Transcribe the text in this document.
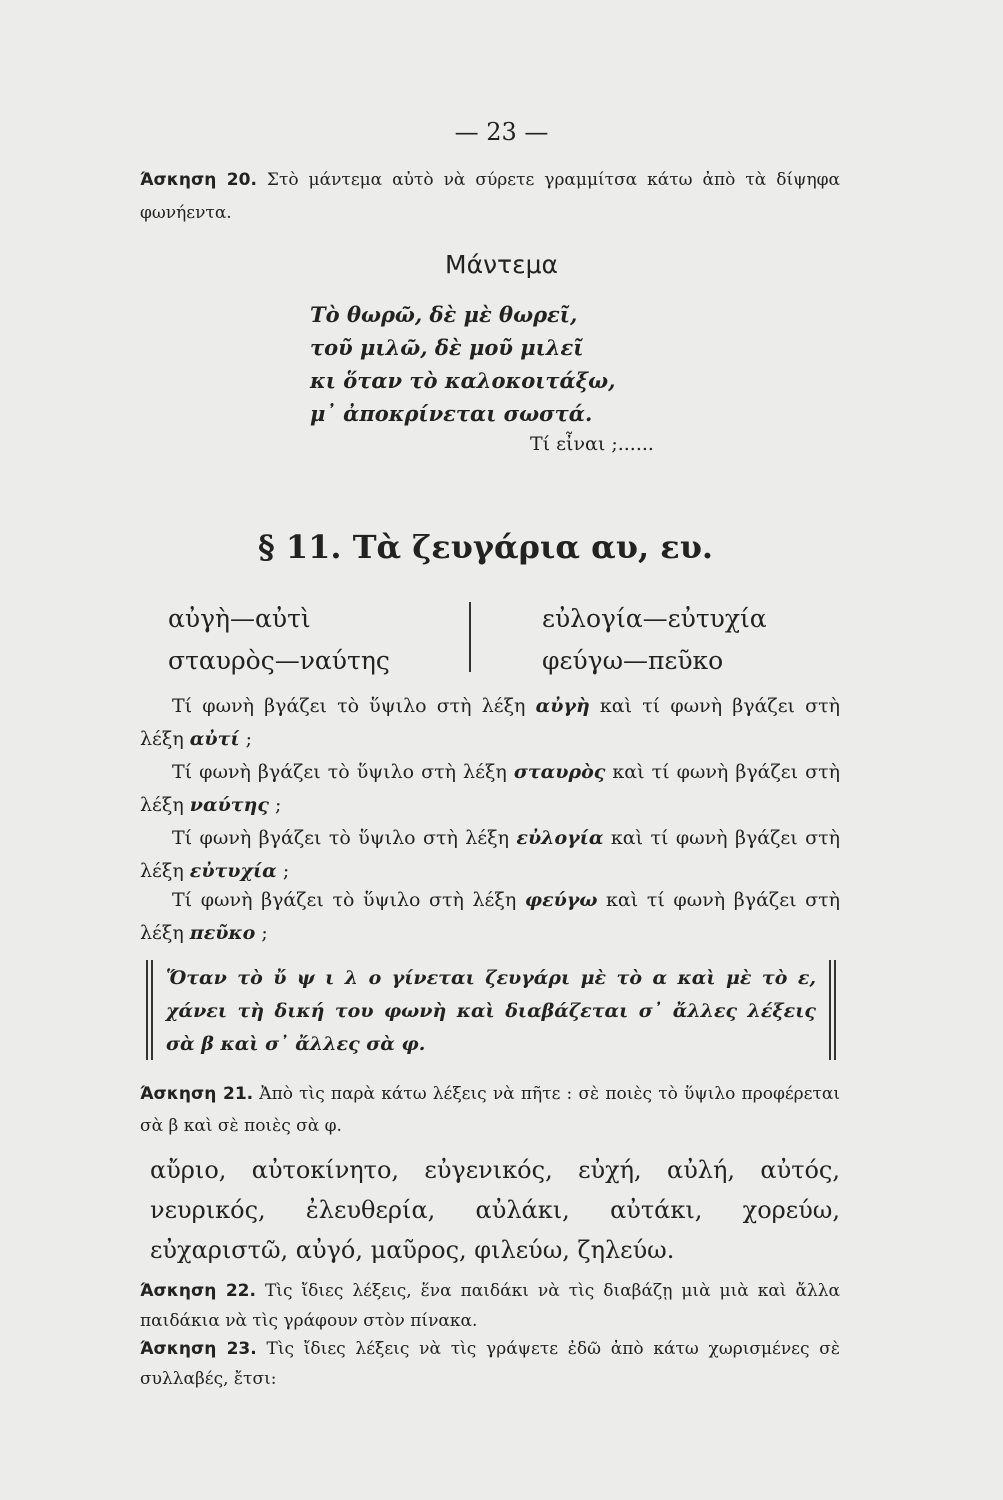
— 23 —
Άσκηση 20. Στὸ μάντεμα αὐτὸ νὰ σύρετε γραμμίτσα κάτω ἀπὸ τὰ δίψηφα φωνήεντα.
Μάντεμα
Τὸ θωρῶ, δὲ μὲ θωρεῖ,
τοῦ μιλῶ, δὲ μοῦ μιλεῖ
κι ὅταν τὸ καλοκοιτάξω,
μ᾽ ἀποκρίνεται σωστά.
Τί εἶναι ;......
§ 11. Τὰ ζευγάρια αυ, ευ.
αὐγὴ—αὐτὶ
σταυρὸς—ναύτης
εὐλογία—εὐτυχία
φεύγω—πεῦκο
Τί φωνὴ βγάζει τὸ ὕψιλο στὴ λέξη αὐγὴ καὶ τί φωνὴ βγάζει στὴ λέξη αὐτί ;
Τί φωνὴ βγάζει τὸ ὕψιλο στὴ λέξη σταυρὸς καὶ τί φωνὴ βγάζει στὴ λέξη ναύτης ;
Τί φωνὴ βγάζει τὸ ὕψιλο στὴ λέξη εὐλογία καὶ τί φωνὴ βγάζει στὴ λέξη εὐτυχία ;
Τί φωνὴ βγάζει τὸ ὕψιλο στὴ λέξη φεύγω καὶ τί φωνὴ βγάζει στὴ λέξη πεῦκο ;
Ὅταν τὸ ὔ ψ ι λ ο γίνεται ζευγάρι μὲ τὸ α καὶ μὲ τὸ ε, χάνει τὴ δική του φωνὴ καὶ διαβάζεται σ᾽ ἄλλες λέξεις σὰ β καὶ σ᾽ ἄλλες σὰ φ.
Άσκηση 21. Ἀπὸ τὶς παρὰ κάτω λέξεις νὰ πῆτε : σὲ ποιὲς τὸ ὕψιλο προφέρεται σὰ β καὶ σὲ ποιὲς σὰ φ.
αὔριο, αὐτοκίνητο, εὐγενικός, εὐχή, αὐλή, αὐτός, νευρικός, ἐλευθερία, αὐλάκι, αὐτάκι, χορεύω, εὐχαριστῶ, αὐγό, μαῦρος, φιλεύω, ζηλεύω.
Άσκηση 22. Τὶς ἴδιες λέξεις, ἕνα παιδάκι νὰ τὶς διαβάζῃ μιὰ μιὰ καὶ ἄλλα παιδάκια νὰ τὶς γράφουν στὸν πίνακα.
Άσκηση 23. Τὶς ἴδιες λέξεις νὰ τὶς γράψετε ἐδῶ ἀπὸ κάτω χωρισμένες σὲ συλλαβές, ἔτσι:
